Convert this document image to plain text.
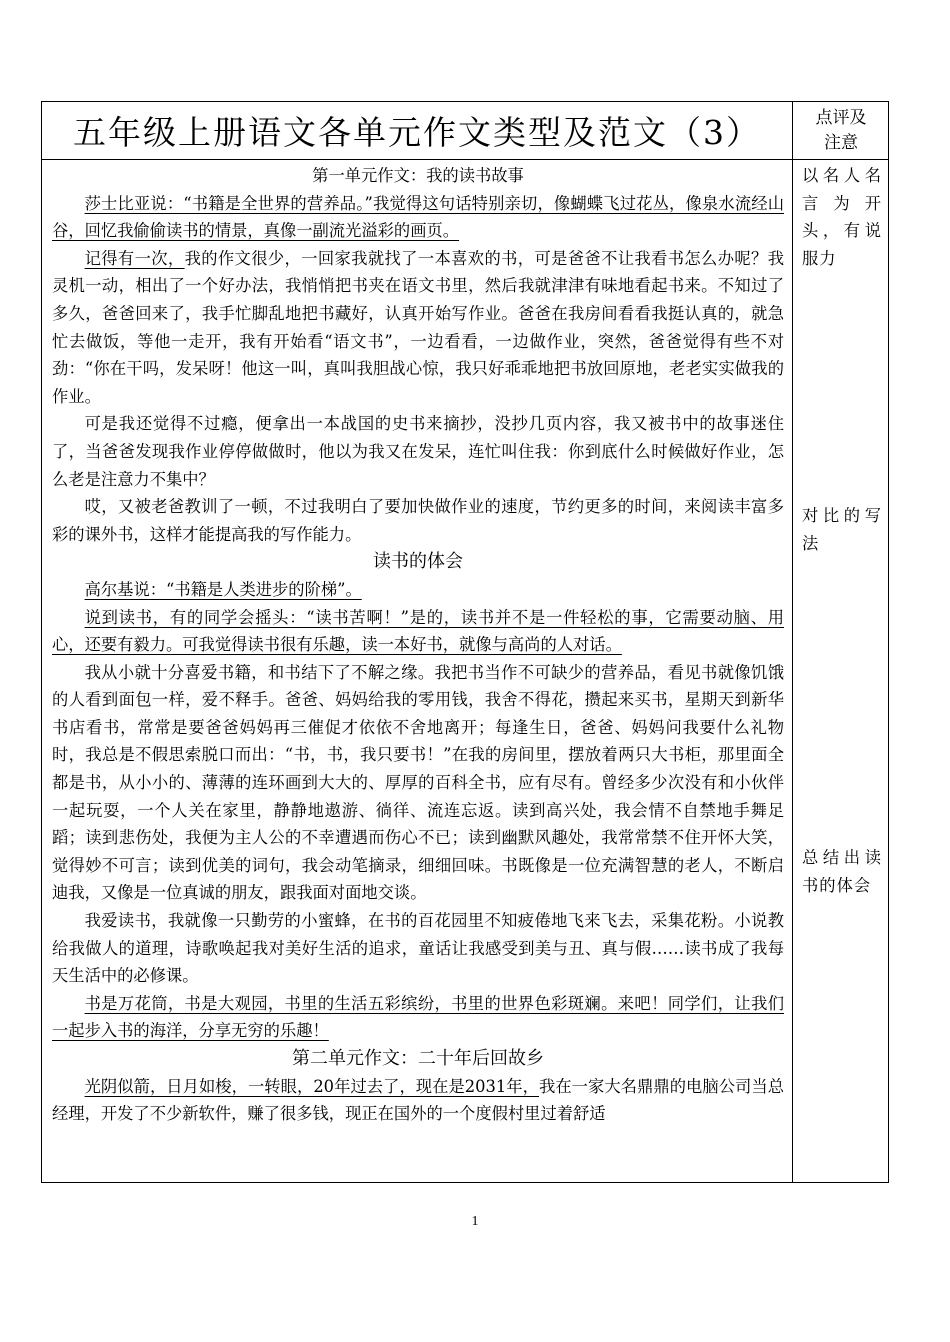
五年级上册语文各单元作文类型及范文（3）	点评及
注意

第一单元作文：我的读书故事

莎士比亚说：“书籍是全世界的营养品。”我觉得这句话特别亲切，像蝴蝶飞过花丛，像泉水流经山谷，回忆我偷偷读书的情景，真像一副流光溢彩的画页。

记得有一次，我的作文很少，一回家我就找了一本喜欢的书，可是爸爸不让我看书怎么办呢？我灵机一动，相出了一个好办法，我悄悄把书夹在语文书里，然后我就津津有味地看起书来。不知过了多久，爸爸回来了，我手忙脚乱地把书藏好，认真开始写作业。爸爸在我房间看看我挺认真的，就急忙去做饭，等他一走开，我有开始看“语文书”，一边看看，一边做作业，突然，爸爸觉得有些不对劲：“你在干吗，发呆呀！他这一叫，真叫我胆战心惊，我只好乖乖地把书放回原地，老老实实做我的作业。

可是我还觉得不过瘾，便拿出一本战国的史书来摘抄，没抄几页内容，我又被书中的故事迷住了，当爸爸发现我作业停停做做时，他以为我又在发呆，连忙叫住我：你到底什么时候做好作业，怎么老是注意力不集中？

哎，又被老爸教训了一顿，不过我明白了要加快做作业的速度，节约更多的时间，来阅读丰富多彩的课外书，这样才能提高我的写作能力。

读书的体会

高尔基说：“书籍是人类进步的阶梯”。

说到读书，有的同学会摇头：“读书苦啊！”是的，读书并不是一件轻松的事，它需要动脑、用心，还要有毅力。可我觉得读书很有乐趣，读一本好书，就像与高尚的人对话。

我从小就十分喜爱书籍，和书结下了不解之缘。我把书当作不可缺少的营养品，看见书就像饥饿的人看到面包一样，爱不释手。爸爸、妈妈给我的零用钱，我舍不得花，攒起来买书，星期天到新华书店看书，常常是要爸爸妈妈再三催促才依依不舍地离开；每逢生日，爸爸、妈妈问我要什么礼物时，我总是不假思索脱口而出：“书，书，我只要书！”在我的房间里，摆放着两只大书柜，那里面全都是书，从小小的、薄薄的连环画到大大的、厚厚的百科全书，应有尽有。曾经多少次没有和小伙伴一起玩耍，一个人关在家里，静静地遨游、徜徉、流连忘返。读到高兴处，我会情不自禁地手舞足蹈；读到悲伤处，我便为主人公的不幸遭遇而伤心不已；读到幽默风趣处，我常常禁不住开怀大笑，觉得妙不可言；读到优美的词句，我会动笔摘录，细细回味。书既像是一位充满智慧的老人，不断启迪我，又像是一位真诚的朋友，跟我面对面地交谈。

我爱读书，我就像一只勤劳的小蜜蜂，在书的百花园里不知疲倦地飞来飞去，采集花粉。小说教给我做人的道理，诗歌唤起我对美好生活的追求，童话让我感受到美与丑、真与假……读书成了我每天生活中的必修课。

书是万花筒，书是大观园，书里的生活五彩缤纷，书里的世界色彩斑斓。来吧！同学们，让我们一起步入书的海洋，分享无穷的乐趣！

第二单元作文：二十年后回故乡

光阴似箭，日月如梭，一转眼，20年过去了，现在是2031年，我在一家大名鼎鼎的电脑公司当总经理，开发了不少新软件，赚了很多钱，现正在国外的一个度假村里过着舒适

以名人名言为开头，有说服力
对比的写法
总结出读书的体会
1
